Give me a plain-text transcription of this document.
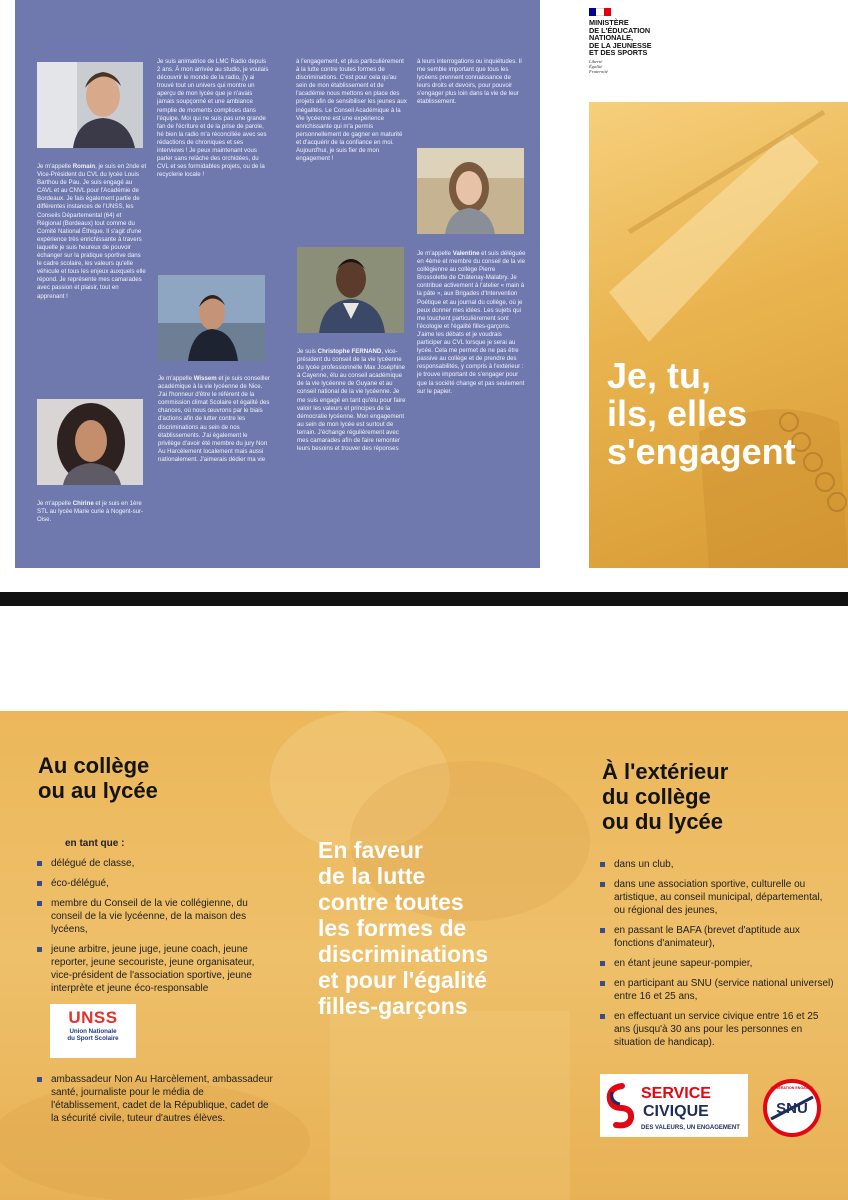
Je m'appelle Romain, je suis en 2nde et Vice-Président du CVL du lycée Louis Barthou de Pau. Je suis engagé au CAVL et au CNVL pour l'Académie de Bordeaux. Je fais également partie de différentes instances de l'UNSS, les Conseils Départemental (64) et Régional (Bordeaux) tout comme du Comité National Éthique. Il s'agit d'une expérience très enrichissante à travers laquelle je suis heureux de pouvoir échanger sur la pratique sportive dans le cadre scolaire, les valeurs qu'elle véhicule et tous les enjeux auxquels elle répond. Je représente mes camarades avec passion et plaisir, tout en apprenant !

Je m'appelle Chirine et je suis en 1ère STL au lycée Marie curie à Nogent-sur-Oise.

Je suis animatrice de LMC Radio depuis 2 ans. À mon arrivée au studio, je voulais découvrir le monde de la radio, j'y ai trouvé tout un univers qui montre un aperçu de mon lycée que je n'avais jamais soupçonné et une ambiance remplie de moments complices dans l'équipe. Moi qui ne suis pas une grande fan de l'écriture et de la prise de parole, hé bien la radio m'a réconciliée avec ses rédactions de chroniques et ses interviews ! Je peux maintenant vous parler sans relâche des orchidées, du CVL et ses formidables projets, ou de la recyclerie locale !

Je m'appelle Wissem et je suis conseiller académique à la vie lycéenne de Nice. J'ai l'honneur d'être le référent de la commission climat Scolaire et égalité des chances, où nous œuvrons par le biais d'actions afin de lutter contre les discriminations au sein de nos établissements. J'ai également le privilège d'avoir été membre du jury Non Au Harcèlement localement mais aussi nationalement. J'aimerais dédier ma vie

à l'engagement, et plus particulièrement à la lutte contre toutes formes de discriminations. C'est pour cela qu'au sein de mon établissement et de l'académie nous mettons en place des projets afin de sensibiliser les jeunes aux inégalités. Le Conseil Académique à la Vie lycéenne est une expérience enrichissante qui m'a permis personnellement de gagner en maturité et d'acquérir de la confiance en moi. Aujourd'hui, je suis fier de mon engagement !

Je suis Christophe FERNAND, vice-président du conseil de la vie lycéenne du lycée professionnelle Max Joséphine à Cayenne, élu au conseil académique de la vie lycéenne de Guyane et au conseil national de la vie lycéenne. Je me suis engagé en tant qu'élu pour faire valoir les valeurs et principes de la démocratie lycéenne. Mon engagement au sein de mon lycée est surtout de terrain. J'échange régulièrement avec mes camarades afin de faire remonter leurs besoins et trouver des réponses

à leurs interrogations ou inquiétudes. Il me semble important que tous les lycéens prennent connaissance de leurs droits et devoirs, pour pouvoir s'engager plus loin dans la vie de leur établissement.

Je m'appelle Valentine et suis déléguée en 4ème et membre du conseil de la vie collégienne au collège Pierre Brossolette de Châtenay-Malabry. Je contribue activement à l'atelier « main à la pâte », aux Brigades d'Intervention Poétique et au journal du collège, où je peux donner mes idées. Les sujets qui me touchent particulièrement sont l'écologie et l'égalité filles-garçons. J'aime les débats et je voudrais participer au CVL lorsque je serai au lycée. Cela me permet de ne pas être passive au collège et de prendre des responsabilités, y compris à l'extérieur : je trouve important de s'engager pour que la société change et pas seulement sur le papier.

MINISTÈRE
DE L'ÉDUCATION
NATIONALE,
DE LA JEUNESSE
ET DES SPORTS
Liberté
Égalité
Fraternité
Je, tu,
ils, elles
s'engagent
Au collège
ou au lycée
en tant que :
délégué de classe,
éco-délégué,
membre du Conseil de la vie collégienne, du conseil de la vie lycéenne, de la maison des lycéens,
jeune arbitre, jeune juge, jeune coach, jeune reporter, jeune secouriste, jeune organisateur, vice-président de l'association sportive, jeune interprète et jeune éco-responsable
UNSS
Union Nationale
du Sport Scolaire
ambassadeur Non Au Harcèlement, ambassadeur santé, journaliste pour le média de l'établissement, cadet de la République, cadet de la sécurité civile, tuteur d'autres élèves.
En faveur
de la lutte
contre toutes
les formes de
discriminations
et pour l'égalité
filles-garçons
À l'extérieur
du collège
ou du lycée
dans un club,
dans une association sportive, culturelle ou artistique, au conseil municipal, départemental, ou régional des jeunes,
en passant le BAFA (brevet d'aptitude aux fonctions d'animateur),
en étant jeune sapeur-pompier,
en participant au SNU (service national universel) entre 16 et 25 ans,
en effectuant un service civique entre 16 et 25 ans (jusqu'à 30 ans pour les personnes en situation de handicap).
SERVICE
CIVIQUE
DES VALEURS, UN ENGAGEMENT
SNU
GÉNÉRATION ENGAGÉE
